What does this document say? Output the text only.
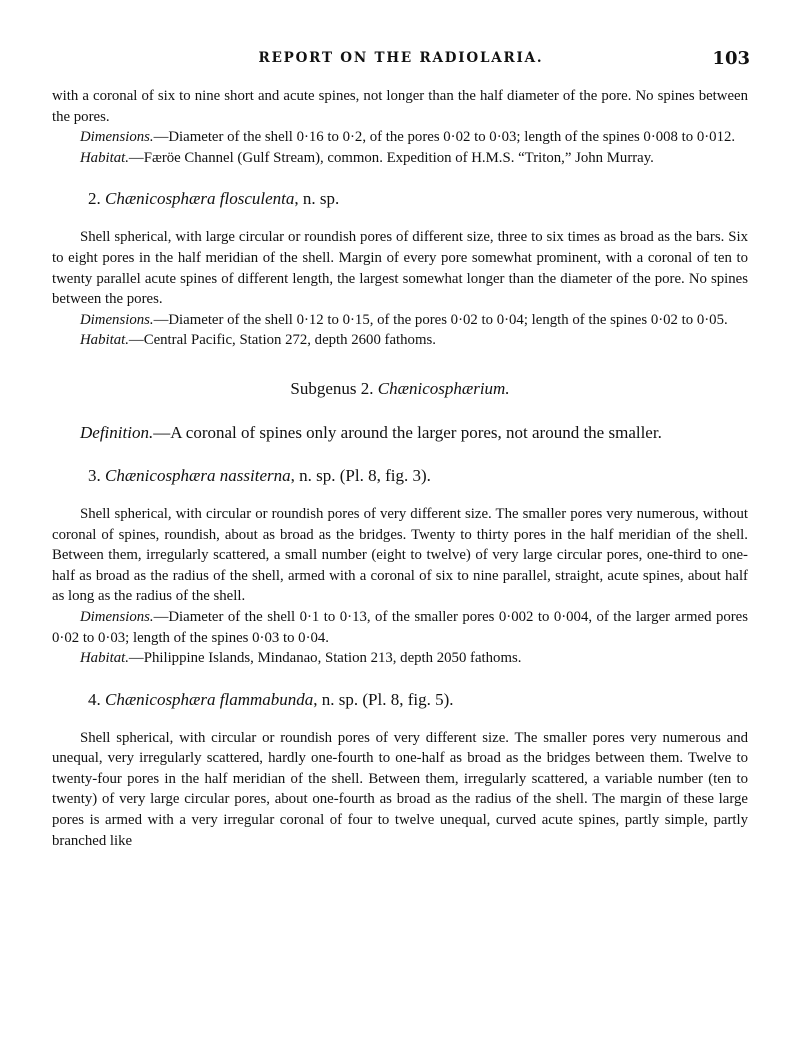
REPORT ON THE RADIOLARIA.	103

with a coronal of six to nine short and acute spines, not longer than the half diameter of the pore. No spines between the pores.

Dimensions.—Diameter of the shell 0·16 to 0·2, of the pores 0·02 to 0·03; length of the spines 0·008 to 0·012.

Habitat.—Færöe Channel (Gulf Stream), common. Expedition of H.M.S. “Triton,” John Murray.

2. Chænicosphæra flosculenta, n. sp.

Shell spherical, with large circular or roundish pores of different size, three to six times as broad as the bars. Six to eight pores in the half meridian of the shell. Margin of every pore somewhat prominent, with a coronal of ten to twenty parallel acute spines of different length, the largest somewhat longer than the diameter of the pore. No spines between the pores.

Dimensions.—Diameter of the shell 0·12 to 0·15, of the pores 0·02 to 0·04; length of the spines 0·02 to 0·05.

Habitat.—Central Pacific, Station 272, depth 2600 fathoms.

Subgenus 2. Chænicosphærium.

Definition.—A coronal of spines only around the larger pores, not around the smaller.

3. Chænicosphæra nassiterna, n. sp. (Pl. 8, fig. 3).

Shell spherical, with circular or roundish pores of very different size. The smaller pores very numerous, without coronal of spines, roundish, about as broad as the bridges. Twenty to thirty pores in the half meridian of the shell. Between them, irregularly scattered, a small number (eight to twelve) of very large circular pores, one-third to one-half as broad as the radius of the shell, armed with a coronal of six to nine parallel, straight, acute spines, about half as long as the radius of the shell.

Dimensions.—Diameter of the shell 0·1 to 0·13, of the smaller pores 0·002 to 0·004, of the larger armed pores 0·02 to 0·03; length of the spines 0·03 to 0·04.

Habitat.—Philippine Islands, Mindanao, Station 213, depth 2050 fathoms.

4. Chænicosphæra flammabunda, n. sp. (Pl. 8, fig. 5).

Shell spherical, with circular or roundish pores of very different size. The smaller pores very numerous and unequal, very irregularly scattered, hardly one-fourth to one-half as broad as the bridges between them. Twelve to twenty-four pores in the half meridian of the shell. Between them, irregularly scattered, a variable number (ten to twenty) of very large circular pores, about one-fourth as broad as the radius of the shell. The margin of these large pores is armed with a very irregular coronal of four to twelve unequal, curved acute spines, partly simple, partly branched like
